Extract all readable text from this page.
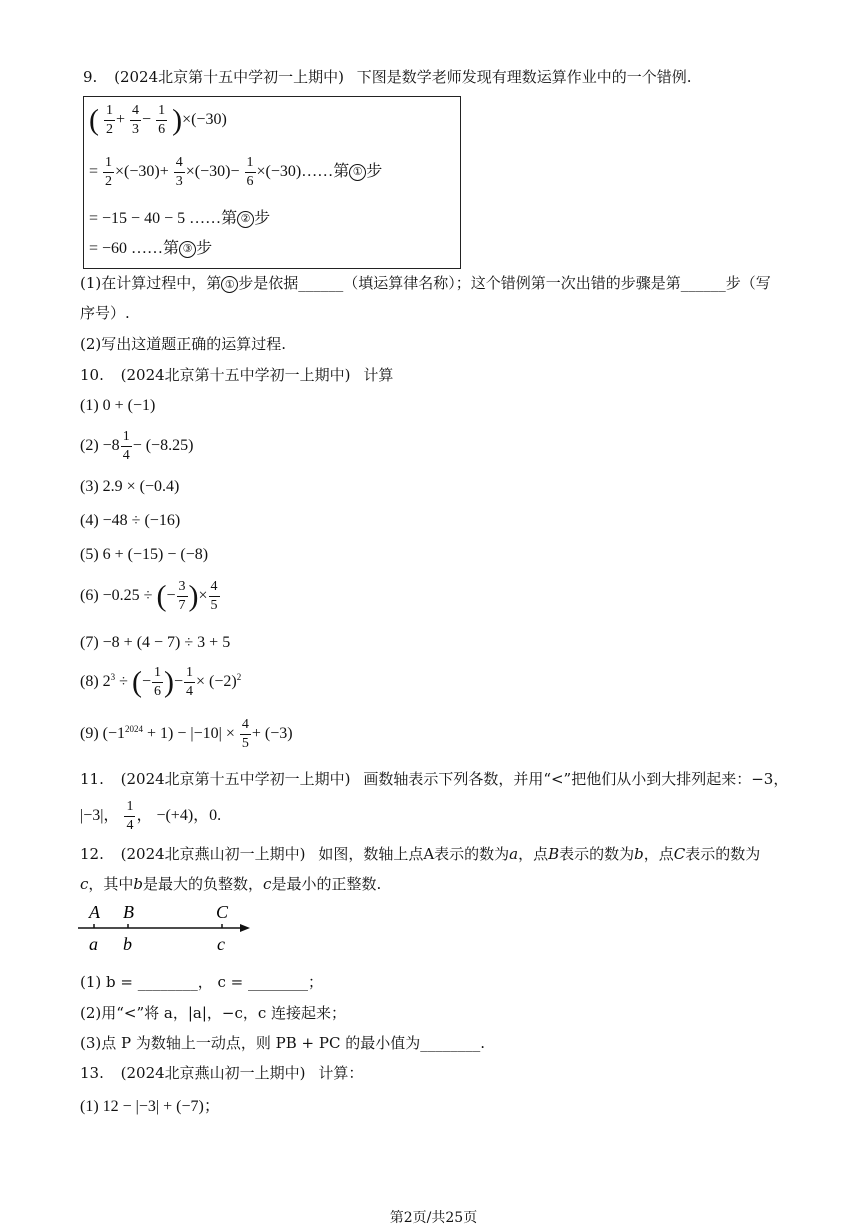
9. (2024北京第十五中学初一上期中) 下图是数学老师发现有理数运算作业中的一个错例.
( $\frac{1}{2} + \frac{4}{3} - \frac{1}{6} )\times(-30)$
= $\frac{1}{2} \times(-30)+ \frac{4}{3} \times(-30)- \frac{1}{6}$ ×(−30)……第 ① 步
= −15 − 40 − 5 ……第 ② 步
= −60 ……第 ③ 步
(1)在计算过程中，第 ① 步是依据______（填运算律名称）；这个错例第一次出错的步骤是第______步（写
序号）.
(2)写出这道题正确的运算过程.
10. (2024北京第十五中学初一上期中) 计算
(1) 0 + (−1)
$(2) -8 \frac{1}{4} - (-8.25)$
(3) 2.9 × (−0.4)
(4) −48 ÷ (−16)
(5) 6 + (−15) − (−8)
(6) −0.25 ÷ (− $\frac{3}{7}$ )× $\frac{4}{5}$
(7) −8 + (4 − 7) ÷ 3 + 5
(8) $2^3$ ÷ (− $\frac{1}{6}$ )− $\frac{1}{4} \times (-2)^2$
(9) $(-1^{2024} + 1) - |-10| \times \frac{4}{5} + (-3)$
11. (2024北京第十五中学初一上期中) 画数轴表示下列各数，并用“<”把他们从小到大排列起来：−3，
|−3|， $\frac{1}{4}$ ， −(+4)，0.
12. (2024北京燕山初一上期中) 如图，数轴上点A表示的数为a，点B表示的数为b，点C表示的数为
c，其中b是最大的负整数，c是最小的正整数.
A B	C
a b	c
(1) b = ________， c = ________；
(2)用“<”将 a，|a|，−c，c 连接起来；
(3)点 P 为数轴上一动点，则 PB + PC 的最小值为________.
13. (2024北京燕山初一上期中) 计算：
(1) 12 − |−3| + (−7)；
第2页/共25页
